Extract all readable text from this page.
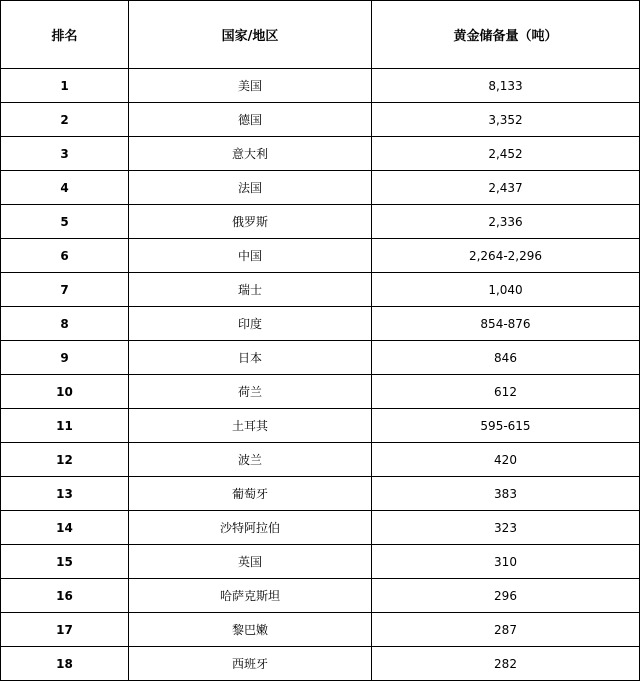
排名	国家/地区	黄金储备量（吨）
1	美国	8,133
2	德国	3,352
3	意大利	2,452
4	法国	2,437
5	俄罗斯	2,336
6	中国	2,264-2,296
7	瑞士	1,040
8	印度	854-876
9	日本	846
10	荷兰	612
11	土耳其	595-615
12	波兰	420
13	葡萄牙	383
14	沙特阿拉伯	323
15	英国	310
16	哈萨克斯坦	296
17	黎巴嫩	287
18	西班牙	282
